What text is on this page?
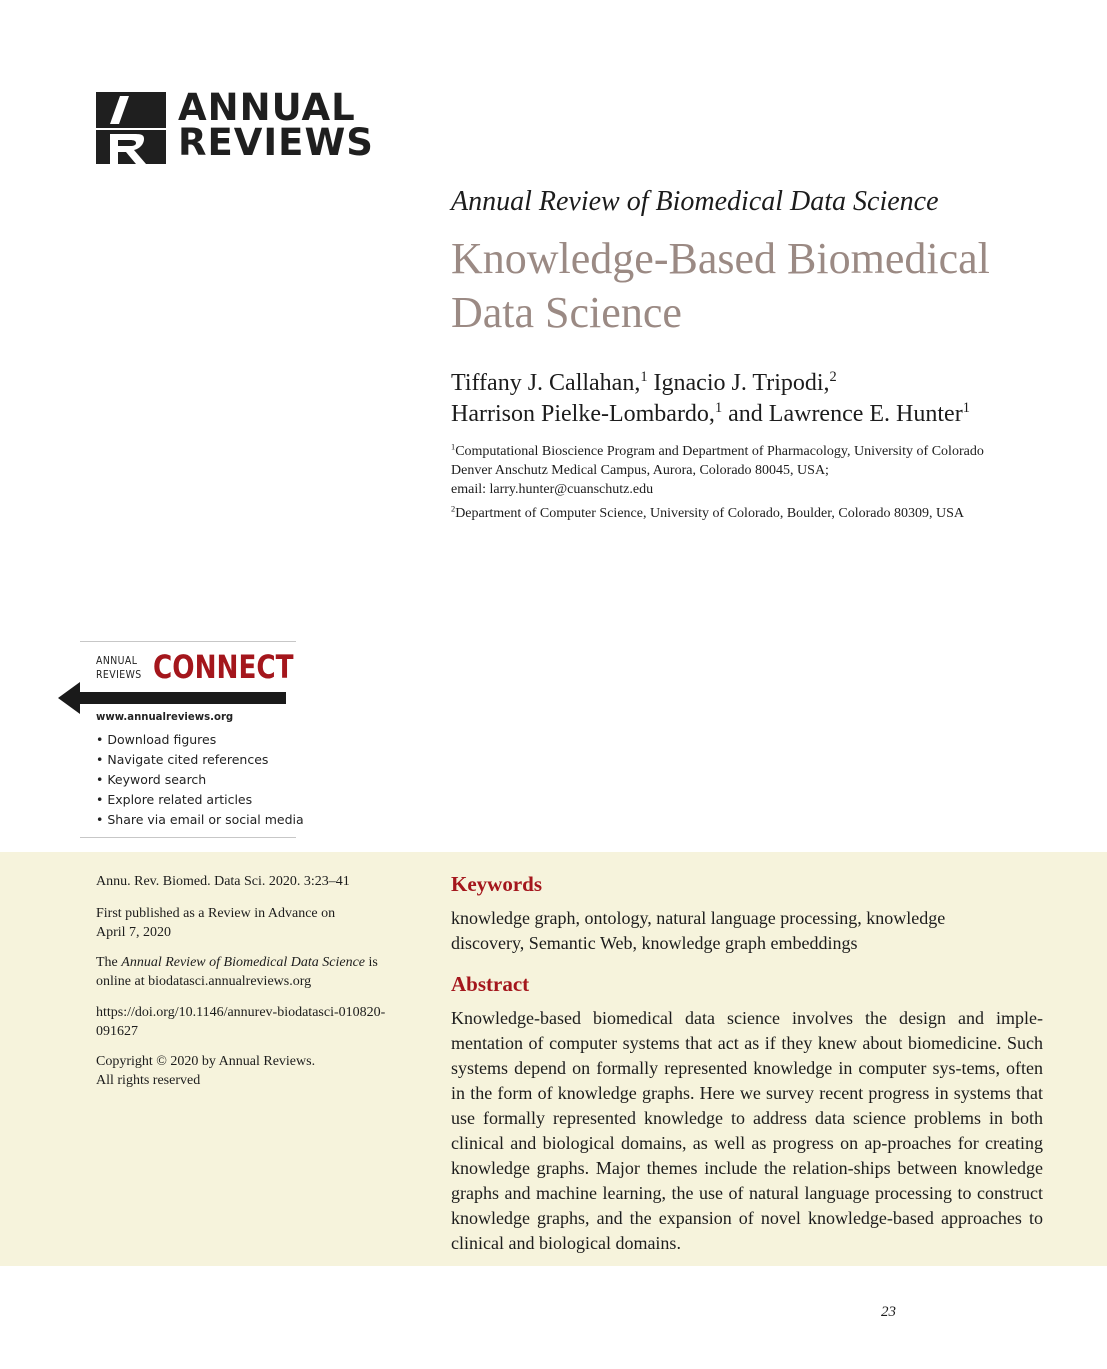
ANNUAL
REVIEWS
Annual Review of Biomedical Data Science
Knowledge-Based Biomedical
Data Science
Tiffany J. Callahan,$^1$ Ignacio J. Tripodi,$^2$
Harrison Pielke-Lombardo,$^1$ and Lawrence E. Hunter$^1$
$^1$Computational Bioscience Program and Department of Pharmacology, University of Colorado
Denver Anschutz Medical Campus, Aurora, Colorado 80045, USA;
email: larry.hunter@cuanschutz.edu
$^2$Department of Computer Science, University of Colorado, Boulder, Colorado 80309, USA
ANNUAL
REVIEWS CONNECT
www.annualreviews.org
• Download figures
• Navigate cited references
• Keyword search
• Explore related articles
• Share via email or social media
Annu. Rev. Biomed. Data Sci. 2020. 3:23–41
First published as a Review in Advance on
April 7, 2020
The Annual Review of Biomedical Data Science is
online at biodatasci.annualreviews.org
https://doi.org/10.1146/annurev-biodatasci-010820-
091627
Copyright © 2020 by Annual Reviews.
All rights reserved
Keywords
knowledge graph, ontology, natural language processing, knowledge
discovery, Semantic Web, knowledge graph embeddings
Abstract
Knowledge-based biomedical data science involves the design and imple-mentation of computer systems that act as if they knew about biomedicine. Such systems depend on formally represented knowledge in computer sys-tems, often in the form of knowledge graphs. Here we survey recent progress in systems that use formally represented knowledge to address data science problems in both clinical and biological domains, as well as progress on ap-proaches for creating knowledge graphs. Major themes include the relation-ships between knowledge graphs and machine learning, the use of natural language processing to construct knowledge graphs, and the expansion of novel knowledge-based approaches to clinical and biological domains.
23
